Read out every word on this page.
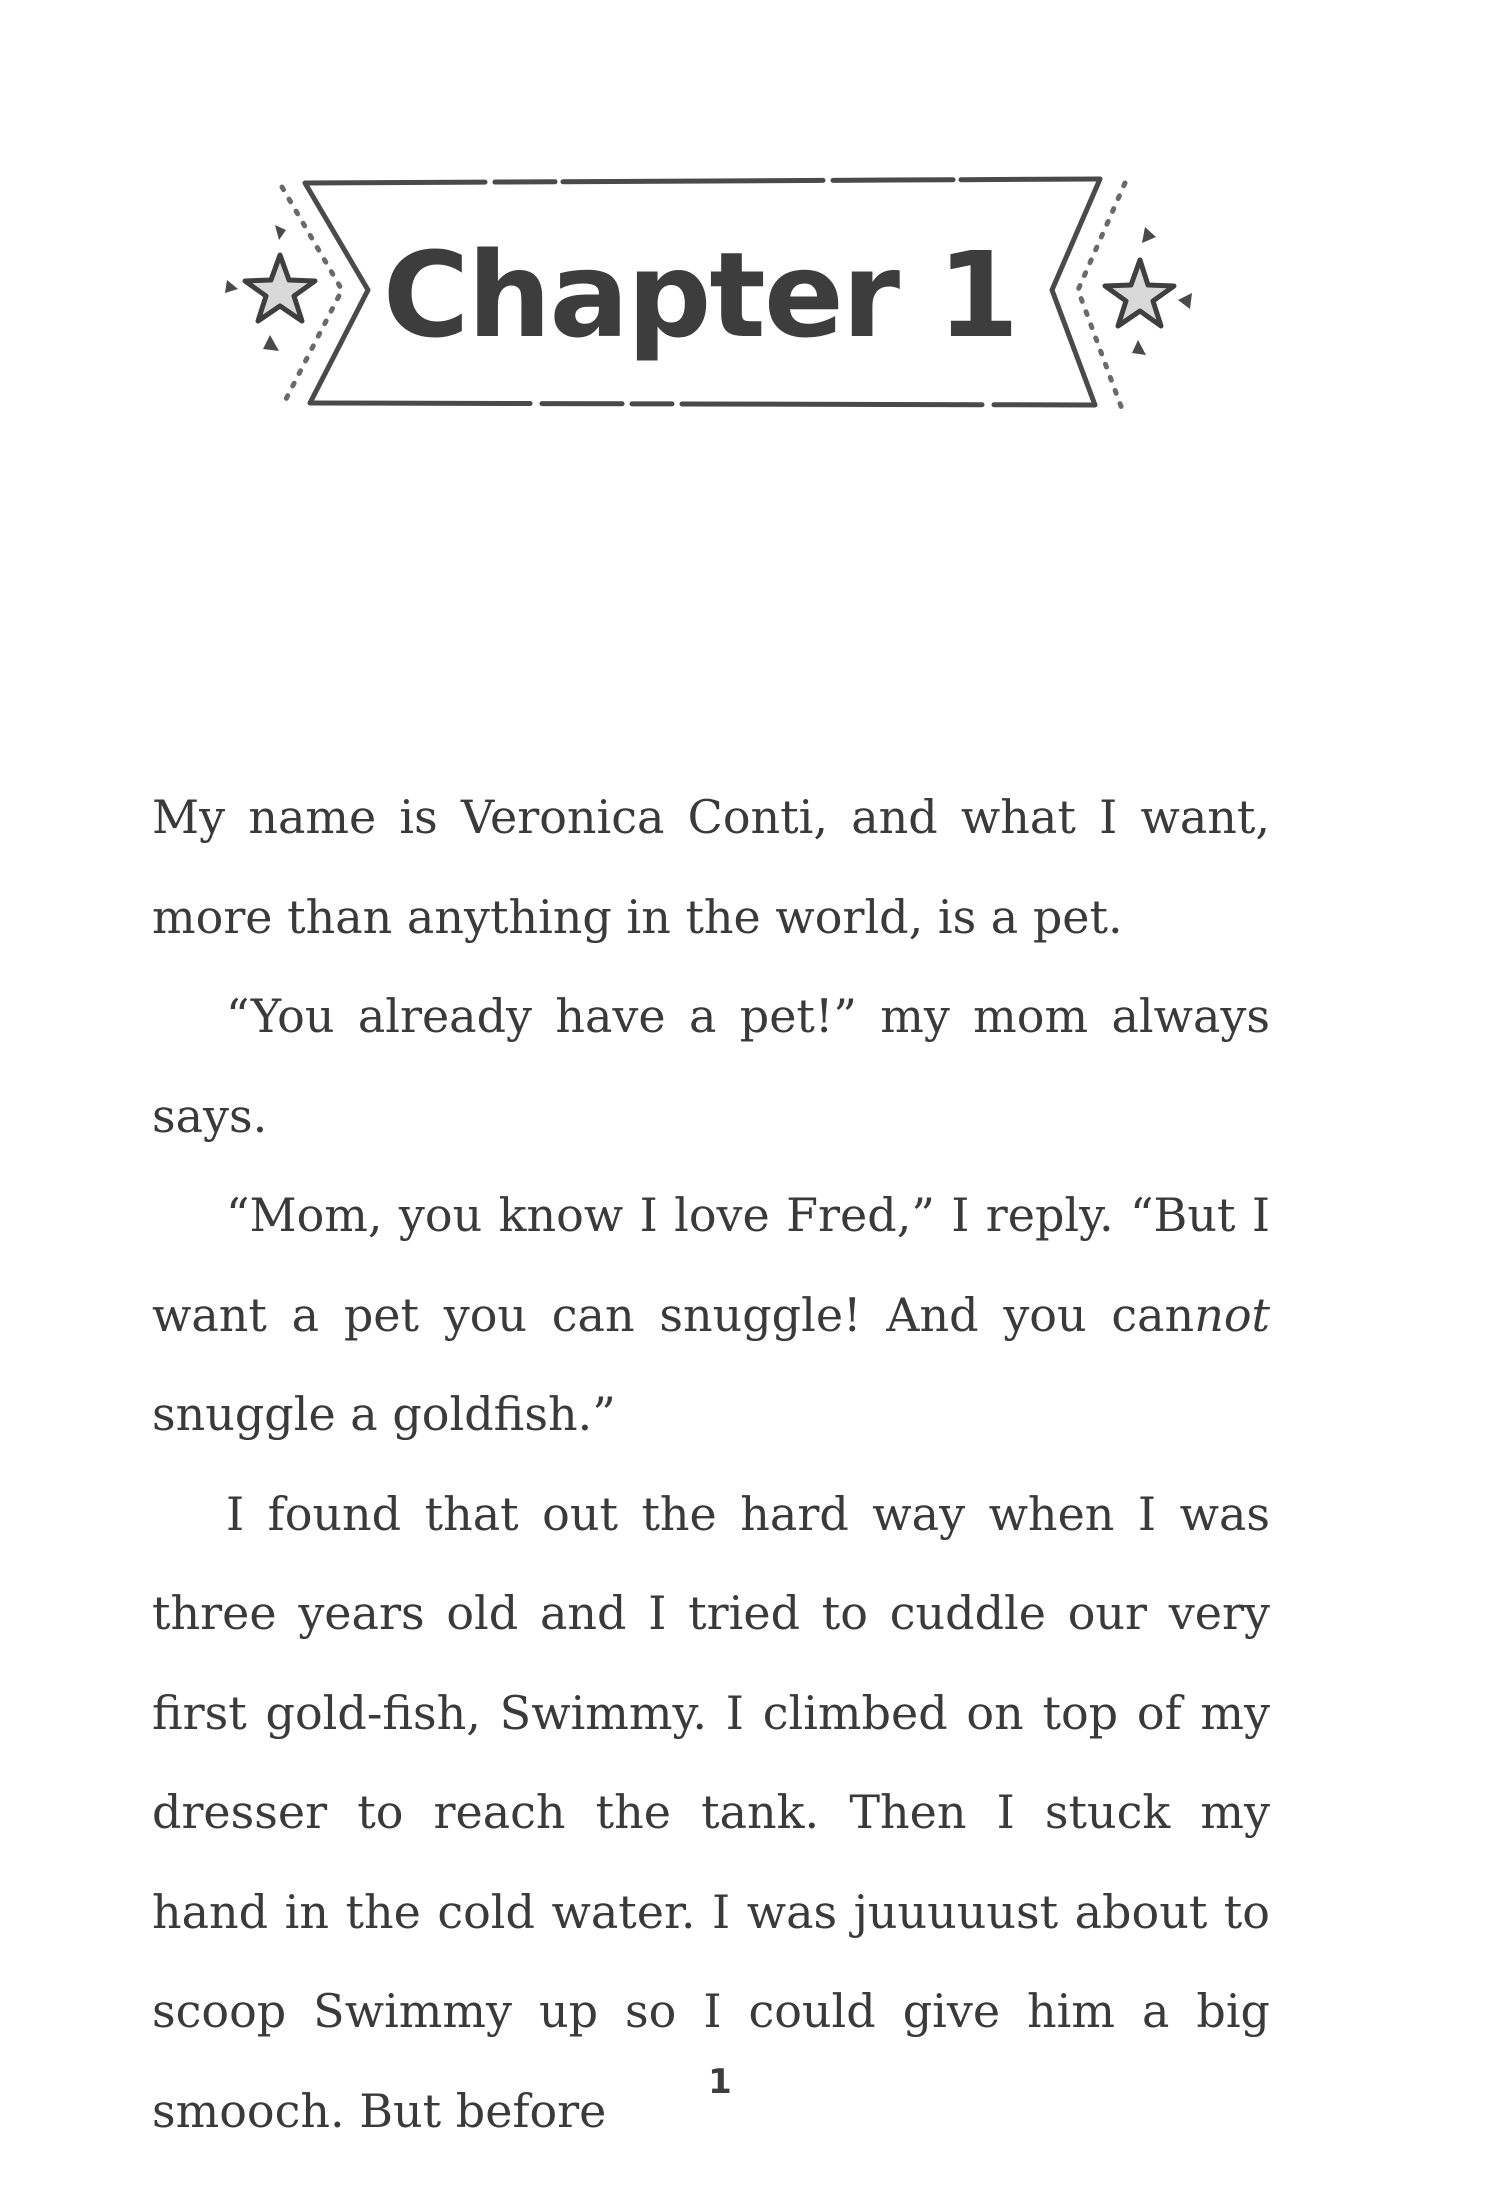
Chapter 1

My name is Veronica Conti, and what I want, more than anything in the world, is a pet.

“You already have a pet!” my mom always says.

“Mom, you know I love Fred,” I reply. “But I want a pet you can snuggle! And you cannot snuggle a goldfish.”

I found that out the hard way when I was three years old and I tried to cuddle our very first gold-fish, Swimmy. I climbed on top of my dresser to reach the tank. Then I stuck my hand in the cold water. I was juuuuust about to scoop Swimmy up so I could give him a big smooch. But before

1
